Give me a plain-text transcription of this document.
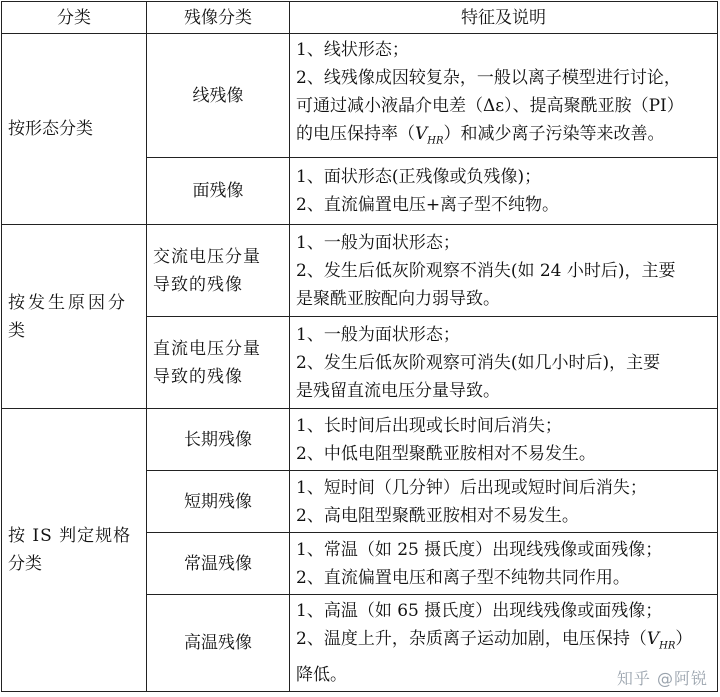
分类	残像分类	特征及说明
按形态分类	线残像	1、线状形态；
2、线残像成因较复杂，一般以离子模型进行讨论，
可通过减小液晶介电差（Δε）、提高聚酰亚胺（PI）
的电压保持率$(V_{HR})$和减少离子污染等来改善。

	面残像	1、面状形态(正残像或负残像)；
2、直流偏置电压+离子型不纯物。

按发生原因分
类	交流电压分量
导致的残像	1、一般为面状形态；
2、发生后低灰阶观察不消失(如 24 小时后)，主要
是聚酰亚胺配向力弱导致。

	直流电压分量
导致的残像	1、一般为面状形态；
2、发生后低灰阶观察可消失(如几小时后)，主要
是残留直流电压分量导致。

按 IS 判定规格
分类	长期残像	1、长时间后出现或长时间后消失；
2、中低电阻型聚酰亚胺相对不易发生。

	短期残像	1、短时间（几分钟）后出现或短时间后消失；
2、高电阻型聚酰亚胺相对不易发生。

	常温残像	1、常温（如 25 摄氏度）出现线残像或面残像；
2、直流偏置电压和离子型不纯物共同作用。

	高温残像	1、高温（如 65 摄氏度）出现线残像或面残像；
2、温度上升，杂质离子运动加剧，电压保持$(V_{HR})$
降低。	知乎 @阿锐
